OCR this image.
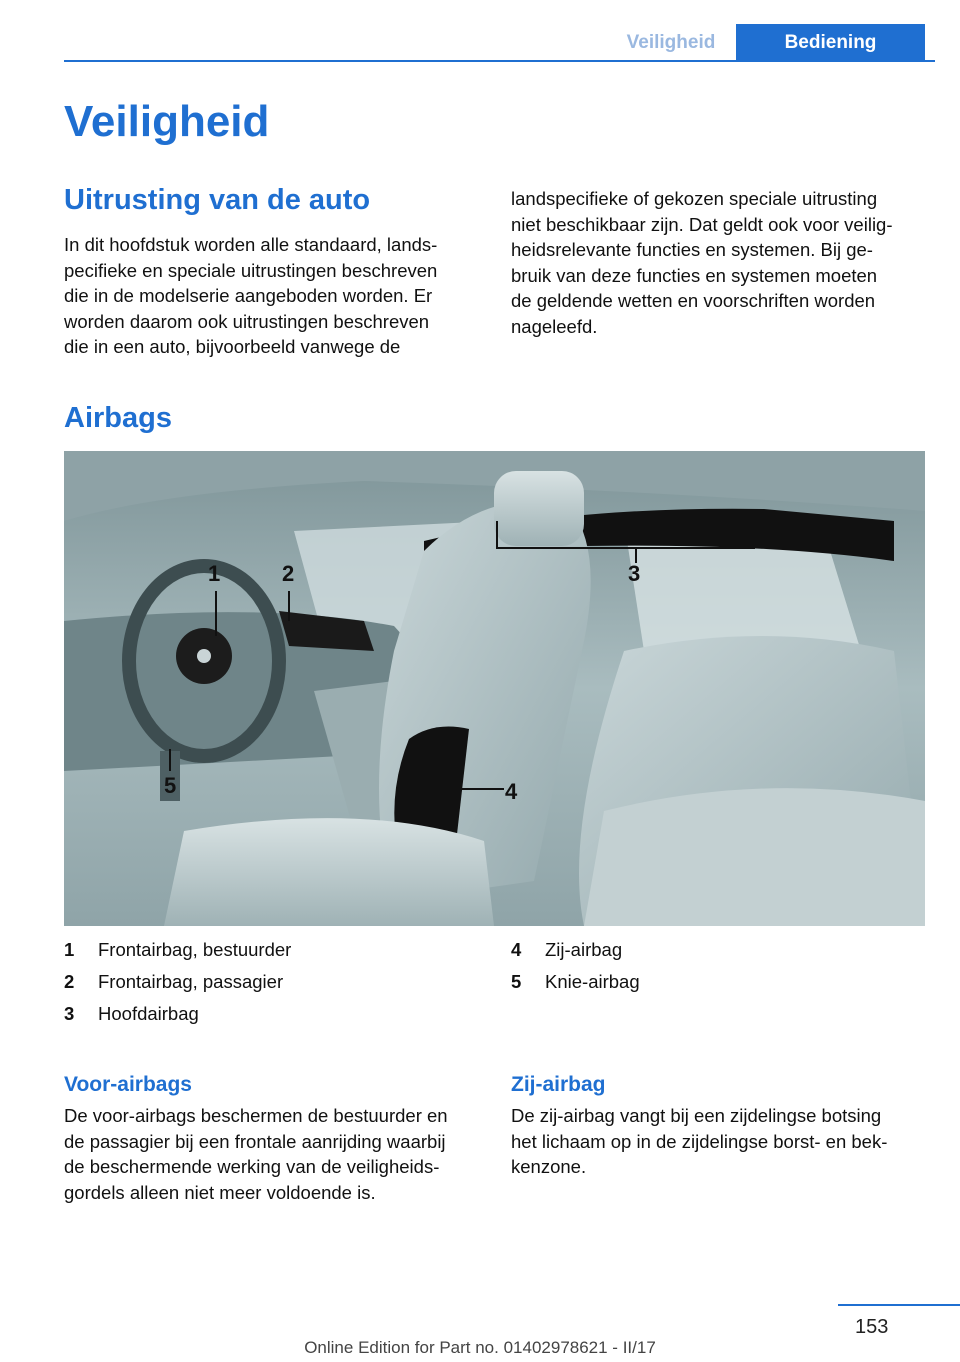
Veiligheid	Bediening
Veiligheid
Uitrusting van de auto

In dit hoofdstuk worden alle standaard, lands‐
pecifieke en speciale uitrustingen beschreven
die in de modelserie aangeboden worden. Er
worden daarom ook uitrustingen beschreven
die in een auto, bijvoorbeeld vanwege de

landspecifieke of gekozen speciale uitrusting
niet beschikbaar zijn. Dat geldt ook voor veilig‐
heidsrelevante functies en systemen. Bij ge‐
bruik van deze functies en systemen moeten
de geldende wetten en voorschriften worden
nageleefd.

Airbags
1	2	3
4
5
1	Frontairbag, bestuurder
2	Frontairbag, passagier
3	Hoofdairbag
4	Zij-airbag
5	Knie-airbag
Voor-airbags

De voor-airbags beschermen de bestuurder en
de passagier bij een frontale aanrijding waarbij
de beschermende werking van de veiligheids‐
gordels alleen niet meer voldoende is.

Zij-airbag

De zij-airbag vangt bij een zijdelingse botsing
het lichaam op in de zijdelingse borst- en bek‐
kenzone.

153
Online Edition for Part no. 01402978621 - II/17
